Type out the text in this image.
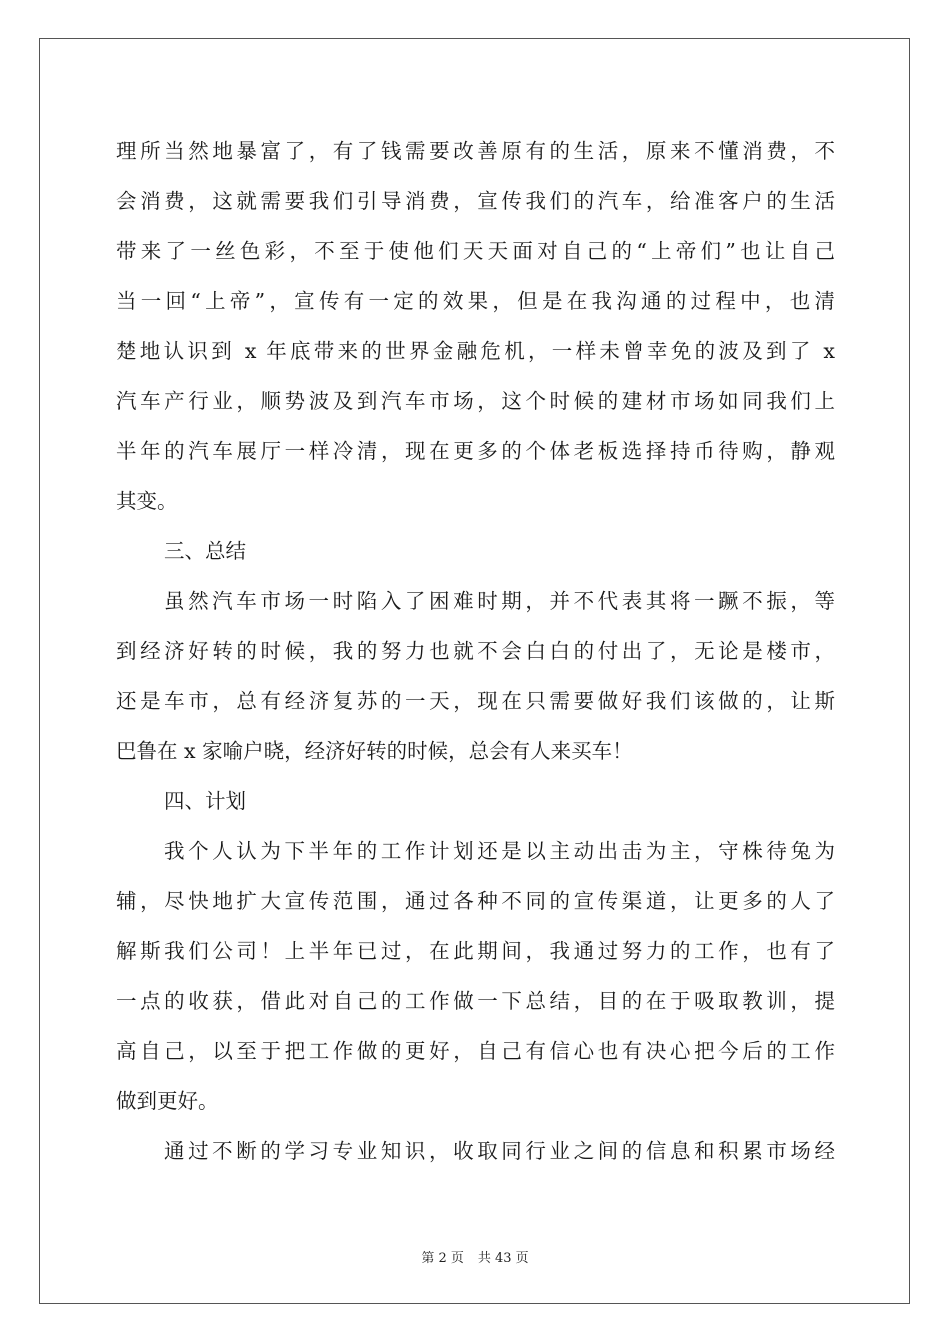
理所当然地暴富了，有了钱需要改善原有的生活，原来不懂消费，不
会消费，这就需要我们引导消费，宣传我们的汽车，给准客户的生活
带来了一丝色彩，不至于使他们天天面对自己的“上帝们”也让自己
当一回“上帝”，宣传有一定的效果，但是在我沟通的过程中，也清
楚地认识到 x 年底带来的世界金融危机，一样未曾幸免的波及到了 x
汽车产行业，顺势波及到汽车市场，这个时候的建材市场如同我们上
半年的汽车展厅一样冷清，现在更多的个体老板选择持币待购，静观
其变。
三、总结
虽然汽车市场一时陷入了困难时期，并不代表其将一蹶不振，等
到经济好转的时候，我的努力也就不会白白的付出了，无论是楼市，
还是车市，总有经济复苏的一天，现在只需要做好我们该做的，让斯
巴鲁在 x 家喻户晓，经济好转的时候，总会有人来买车！
四、计划
我个人认为下半年的工作计划还是以主动出击为主，守株待兔为
辅，尽快地扩大宣传范围，通过各种不同的宣传渠道，让更多的人了
解斯我们公司！上半年已过，在此期间，我通过努力的工作，也有了
一点的收获，借此对自己的工作做一下总结，目的在于吸取教训，提
高自己，以至于把工作做的更好，自己有信心也有决心把今后的工作
做到更好。
通过不断的学习专业知识，收取同行业之间的信息和积累市场经
第 2 页 共 43 页
